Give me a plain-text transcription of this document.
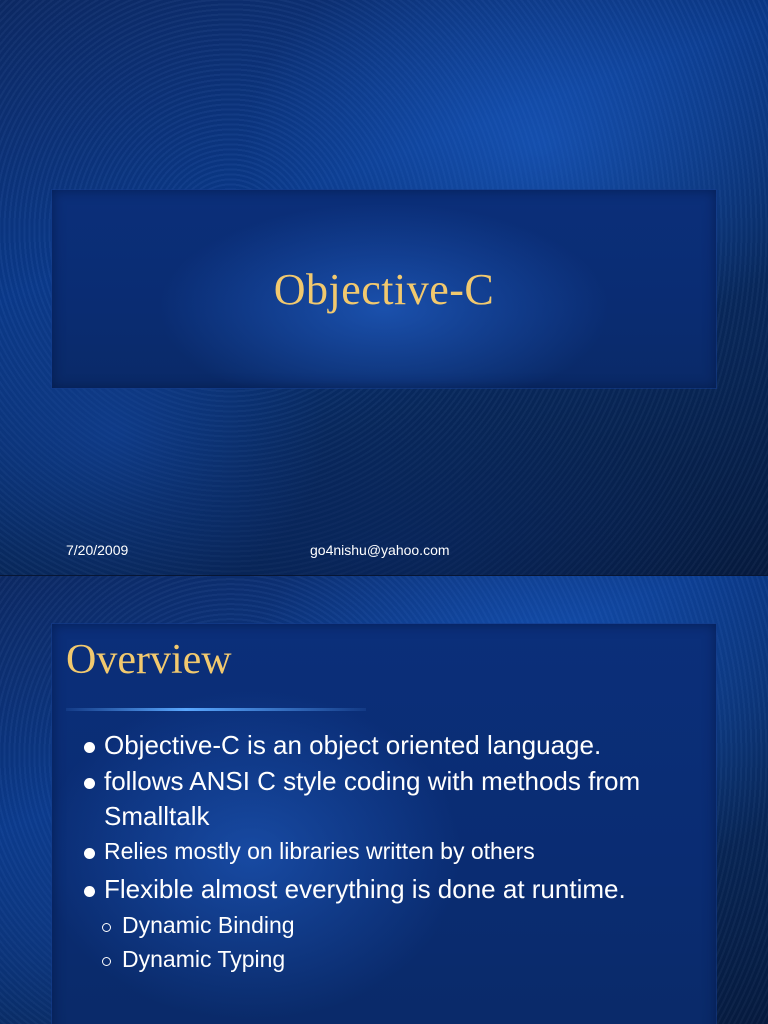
Objective-C
7/20/2009	go4nishu@yahoo.com
Overview
Objective-C is an object oriented language.
follows ANSI C style coding with methods from Smalltalk
Relies mostly on libraries written by others
Flexible almost everything is done at runtime.
Dynamic Binding
Dynamic Typing
